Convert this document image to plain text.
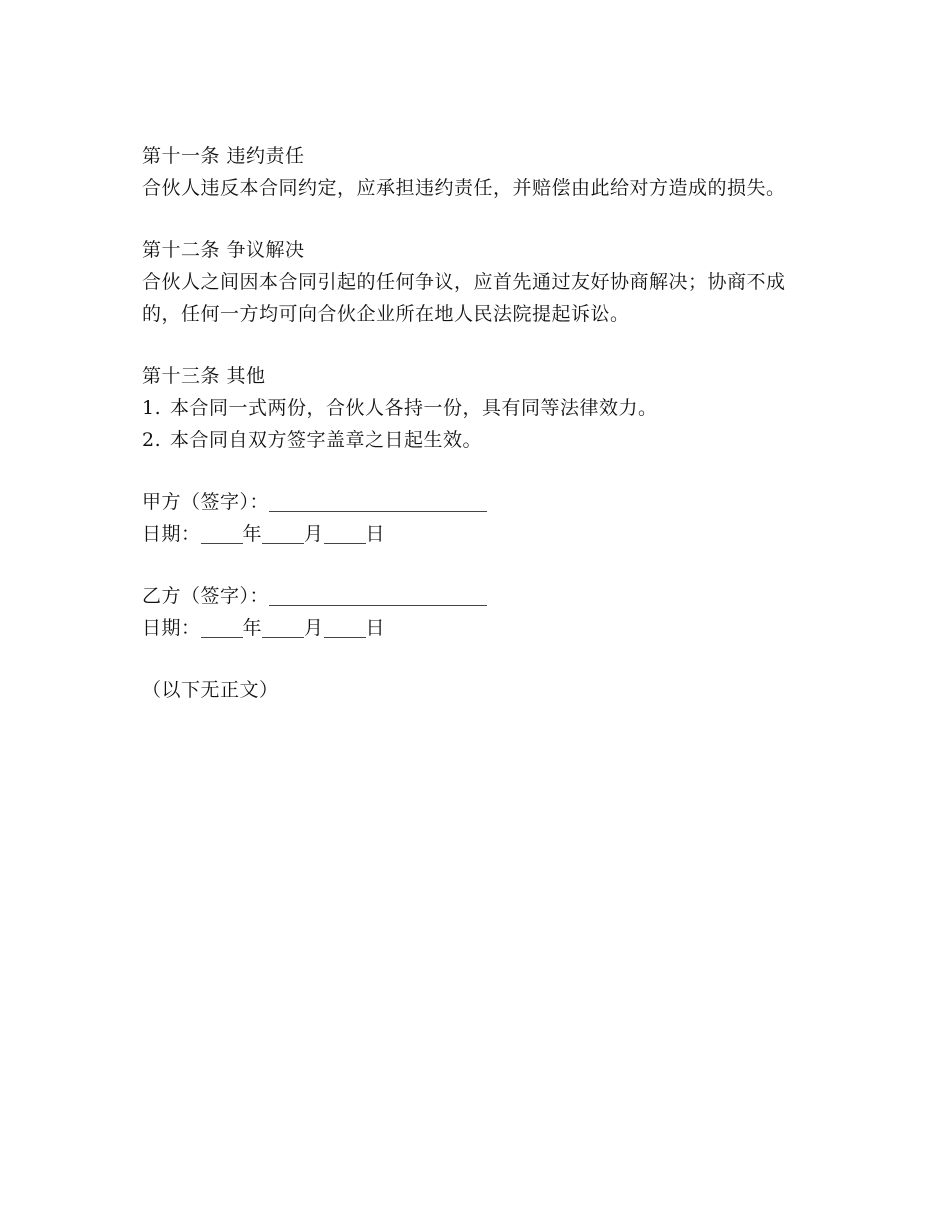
第十一条 违约责任
合伙人违反本合同约定，应承担违约责任，并赔偿由此给对方造成的损失。
第十二条 争议解决
合伙人之间因本合同引起的任何争议，应首先通过友好协商解决；协商不成的，任何一方均可向合伙企业所在地人民法院提起诉讼。
第十三条 其他
1. 本合同一式两份，合伙人各持一份，具有同等法律效力。
2. 本合同自双方签字盖章之日起生效。
甲方（签字）：
日期： 年 月 日
乙方（签字）：
日期： 年 月 日
（以下无正文）
